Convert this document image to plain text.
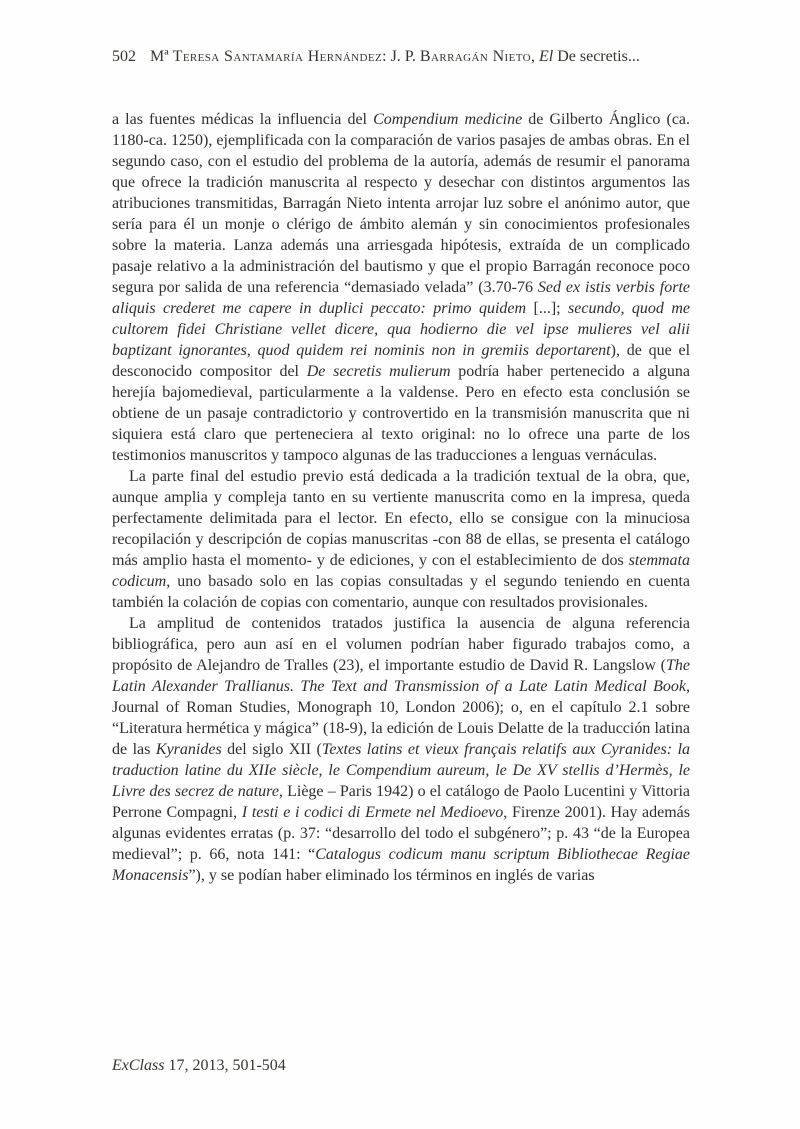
502 Mª Teresa Santamaría Hernández: J. P. Barragán Nieto, El De secretis...

a las fuentes médicas la influencia del Compendium medicine de Gilberto Ánglico (ca. 1180-ca. 1250), ejemplificada con la comparación de varios pasajes de ambas obras. En el segundo caso, con el estudio del problema de la autoría, además de resumir el panorama que ofrece la tradición manuscrita al respecto y desechar con distintos argumentos las atribuciones transmitidas, Barragán Nieto intenta arrojar luz sobre el anónimo autor, que sería para él un monje o clérigo de ámbito alemán y sin conocimientos profesionales sobre la materia. Lanza además una arriesgada hipótesis, extraída de un complicado pasaje relativo a la administración del bautismo y que el propio Barragán reconoce poco segura por salida de una referencia “demasiado velada” (3.70-76 Sed ex istis verbis forte aliquis crederet me capere in duplici peccato: primo quidem [...]; secundo, quod me cultorem fidei Christiane vellet dicere, qua hodierno die vel ipse mulieres vel alii baptizant ignorantes, quod quidem rei nominis non in gremiis deportarent), de que el desconocido compositor del De secretis mulierum podría haber pertenecido a alguna herejía bajomedieval, particularmente a la valdense. Pero en efecto esta conclusión se obtiene de un pasaje contradictorio y controvertido en la transmisión manuscrita que ni siquiera está claro que perteneciera al texto original: no lo ofrece una parte de los testimonios manuscritos y tampoco algunas de las traducciones a lenguas vernáculas.

La parte final del estudio previo está dedicada a la tradición textual de la obra, que, aunque amplia y compleja tanto en su vertiente manuscrita como en la impresa, queda perfectamente delimitada para el lector. En efecto, ello se consigue con la minuciosa recopilación y descripción de copias manuscritas -con 88 de ellas, se presenta el catálogo más amplio hasta el momento- y de ediciones, y con el establecimiento de dos stemmata codicum, uno basado solo en las copias consultadas y el segundo teniendo en cuenta también la colación de copias con comentario, aunque con resultados provisionales.

La amplitud de contenidos tratados justifica la ausencia de alguna referencia bibliográfica, pero aun así en el volumen podrían haber figurado trabajos como, a propósito de Alejandro de Tralles (23), el importante estudio de David R. Langslow (The Latin Alexander Trallianus. The Text and Transmission of a Late Latin Medical Book, Journal of Roman Studies, Monograph 10, London 2006); o, en el capítulo 2.1 sobre “Literatura hermética y mágica” (18-9), la edición de Louis Delatte de la traducción latina de las Kyranides del siglo XII (Textes latins et vieux français relatifs aux Cyranides: la traduction latine du XIIe siècle, le Compendium aureum, le De XV stellis d’Hermès, le Livre des secrez de nature, Liège – Paris 1942) o el catálogo de Paolo Lucentini y Vittoria Perrone Compagni, I testi e i codici di Ermete nel Medioevo, Firenze 2001). Hay además algunas evidentes erratas (p. 37: “desarrollo del todo el subgénero”; p. 43 “de la Europea medieval”; p. 66, nota 141: “Catalogus codicum manu scriptum Bibliothecae Regiae Monacensis”), y se podían haber eliminado los términos en inglés de varias

ExClass 17, 2013, 501-504
